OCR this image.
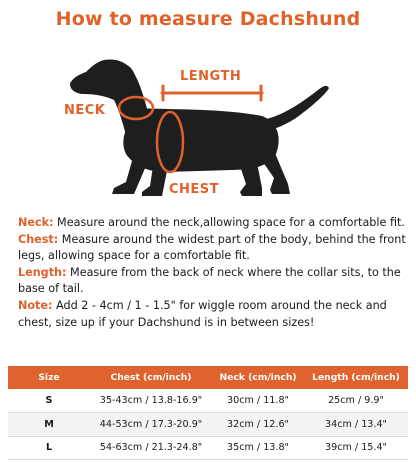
How to measure Dachshund
LENGTH
NECK
CHEST

Neck: Measure around the neck,allowing space for a comfortable fit.

Chest: Measure around the widest part of the body, behind the front legs, allowing space for a comfortable fit.

Length: Measure from the back of neck where the collar sits, to the base of tail.

Note: Add 2 - 4cm / 1 - 1.5" for wiggle room around the neck and chest, size up if your Dachshund is in between sizes!

Size	Chest (cm/inch)	Neck (cm/inch)	Length (cm/inch)
S	35-43cm / 13.8-16.9"	30cm / 11.8"	25cm / 9.9"
M	44-53cm / 17.3-20.9"	32cm / 12.6"	34cm / 13.4"
L	54-63cm / 21.3-24.8"	35cm / 13.8"	39cm / 15.4"
